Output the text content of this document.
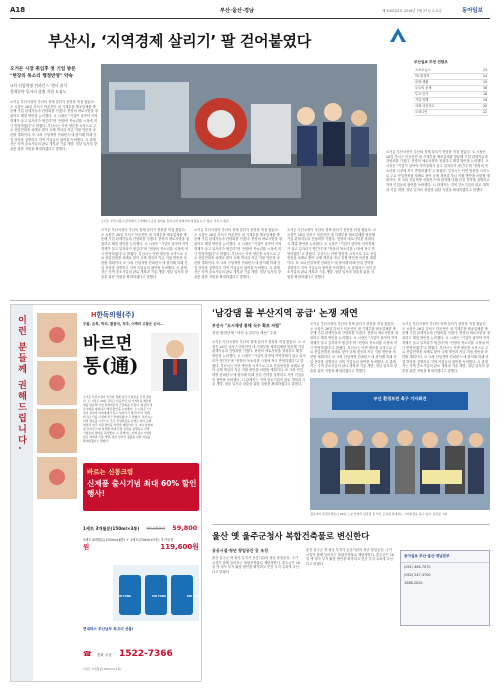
A18	부산·울산·경남	제 100123호 2016년 7월 27일 수요일	동아일보
부산시, ‘지역경제 살리기’ 팔 걷어붙였다
오거돈 시장 취임후 첫 기업 방문
"현장의 목소리 행정반영" 약속
'3차 산업혁명 컨퍼런스' 행사 참석
경제분야 일자리 창출 지원 요청도
오거돈 부산시장(오른쪽에서 두번째)이 공장 설비를 둘러보며 관계자의 설명을 듣고 있다. 부산시 제공
오거돈 부산시장이 부산의 경제 살리기 현장을 직접 찾았다. 오 시장은 26일 강서구 미음산단 내 기계부품 제조업체를 방문해 기업 관계자들과 간담회를 가졌다. 현장의 애로사항을 청취하고 해결 방안을 논의했다. 오 시장은 "기업이 살아야 지역경제가 살고 일자리가 생긴다"며 "현장의 목소리를 시정에 적극 반영하겠다"고 밝혔다. 부산시는 이번 방문을 시작으로 주요 산업현장을 차례로 찾아 규제 개선과 자금 지원 방안을 마련할 계획이다. 또 '3차 산업혁명 컨퍼런스'에 참석해 미래 산업 전략을 설명하고 지역 기업들의 참여를 독려했다. 시 관계자는 지역 중소기업의 판로 개척과 기술 개발, 청년 일자리 창출을 위한 지원을 확대하겠다고 말했다.
오거돈 부산시장이 부산의 경제 살리기 현장을 직접 찾았다. 오 시장은 26일 강서구 미음산단 내 기계부품 제조업체를 방문해 기업 관계자들과 간담회를 가졌다. 현장의 애로사항을 청취하고 해결 방안을 논의했다. 오 시장은 "기업이 살아야 지역경제가 살고 일자리가 생긴다"며 "현장의 목소리를 시정에 적극 반영하겠다"고 밝혔다. 부산시는 이번 방문을 시작으로 주요 산업현장을 차례로 찾아 규제 개선과 자금 지원 방안을 마련할 계획이다. 또 '3차 산업혁명 컨퍼런스'에 참석해 미래 산업 전략을 설명하고 지역 기업들의 참여를 독려했다. 시 관계자는 지역 중소기업의 판로 개척과 기술 개발, 청년 일자리 창출을 위한 지원을 확대하겠다고 말했다.
오거돈 부산시장이 부산의 경제 살리기 현장을 직접 찾았다. 오 시장은 26일 강서구 미음산단 내 기계부품 제조업체를 방문해 기업 관계자들과 간담회를 가졌다. 현장의 애로사항을 청취하고 해결 방안을 논의했다. 오 시장은 "기업이 살아야 지역경제가 살고 일자리가 생긴다"며 "현장의 목소리를 시정에 적극 반영하겠다"고 밝혔다. 부산시는 이번 방문을 시작으로 주요 산업현장을 차례로 찾아 규제 개선과 자금 지원 방안을 마련할 계획이다. 또 '3차 산업혁명 컨퍼런스'에 참석해 미래 산업 전략을 설명하고 지역 기업들의 참여를 독려했다. 시 관계자는 지역 중소기업의 판로 개척과 기술 개발, 청년 일자리 창출을 위한 지원을 확대하겠다고 말했다.
오거돈 부산시장이 부산의 경제 살리기 현장을 직접 찾았다. 오 시장은 26일 강서구 미음산단 내 기계부품 제조업체를 방문해 기업 관계자들과 간담회를 가졌다. 현장의 애로사항을 청취하고 해결 방안을 논의했다. 오 시장은 "기업이 살아야 지역경제가 살고 일자리가 생긴다"며 "현장의 목소리를 시정에 적극 반영하겠다"고 밝혔다. 부산시는 이번 방문을 시작으로 주요 산업현장을 차례로 찾아 규제 개선과 자금 지원 방안을 마련할 계획이다. 또 '3차 산업혁명 컨퍼런스'에 참석해 미래 산업 전략을 설명하고 지역 기업들의 참여를 독려했다. 시 관계자는 지역 중소기업의 판로 개척과 기술 개발, 청년 일자리 창출을 위한 지원을 확대하겠다고 말했다.
부산일보 추천 컨텐츠
스포츠뉴스	13
TV 편성표	14
문화·생활	15
오늘의 운세	16
부고·인사	18
기업·경제	19
사회·사건사고	20
오피니언	22
오거돈 부산시장이 부산의 경제 살리기 현장을 직접 찾았다. 오 시장은 26일 강서구 미음산단 내 기계부품 제조업체를 방문해 기업 관계자들과 간담회를 가졌다. 현장의 애로사항을 청취하고 해결 방안을 논의했다. 오 시장은 "기업이 살아야 지역경제가 살고 일자리가 생긴다"며 "현장의 목소리를 시정에 적극 반영하겠다"고 밝혔다. 부산시는 이번 방문을 시작으로 주요 산업현장을 차례로 찾아 규제 개선과 자금 지원 방안을 마련할 계획이다. 또 '3차 산업혁명 컨퍼런스'에 참석해 미래 산업 전략을 설명하고 지역 기업들의 참여를 독려했다. 시 관계자는 지역 중소기업의 판로 개척과 기술 개발, 청년 일자리 창출을 위한 지원을 확대하겠다고 말했다.
이런 분들께 권해드립니다.	H한독의원(주)
무릎, 손목, 허리, 팔꿈치, 척추, 어깨의 고통은 순식...
바르면
통(通)
오거돈 부산시장이 부산의 경제 살리기 현장을 직접 찾았다. 오 시장은 26일 강서구 미음산단 내 기계부품 제조업체를 방문해 기업 관계자들과 간담회를 가졌다. 현장의 애로사항을 청취하고 해결 방안을 논의했다. 오 시장은 "기업이 살아야 지역경제가 살고 일자리가 생긴다"며 "현장의 목소리를 시정에 적극 반영하겠다"고 밝혔다. 부산시는 이번 방문을 시작으로 주요 산업현장을 차례로 찾아 규제 개선과 자금 지원 방안을 마련할 계획이다. 또 '3차 산업혁명 컨퍼런스'에 참석해 미래 산업 전략을 설명하고 지역 기업들의 참여를 독려했다. 시 관계자는 지역 중소기업의 판로 개척과 기술 개발, 청년 일자리 창출을 위한 지원을 확대하겠다고 말했다.
바르는 신통크림
신제품 출시기념 최대 60% 할인행사!
1세트 3개월분(150ml×3통) 99,000원 59,800원
3세트 6개월분(150ml×6통) + 1세트(150ml×3통) 추가증정
119,600원
SIN TONG	SIN TONG	SIN TONG
연대파스 부산남부 최고의 선물!
☎ 전화 주문 1522-7366
1세트 3개월분(150ml×3통)
'남강댐 물 부산지역 공급' 논쟁 재연
부산시 "도시재생 통해 식수 확보 자립"
경남 환경단체 "하천 수질부터 개선" 주장
오거돈 부산시장이 부산의 경제 살리기 현장을 직접 찾았다. 오 시장은 26일 강서구 미음산단 내 기계부품 제조업체를 방문해 기업 관계자들과 간담회를 가졌다. 현장의 애로사항을 청취하고 해결 방안을 논의했다. 오 시장은 "기업이 살아야 지역경제가 살고 일자리가 생긴다"며 "현장의 목소리를 시정에 적극 반영하겠다"고 밝혔다. 부산시는 이번 방문을 시작으로 주요 산업현장을 차례로 찾아 규제 개선과 자금 지원 방안을 마련할 계획이다. 또 '3차 산업혁명 컨퍼런스'에 참석해 미래 산업 전략을 설명하고 지역 기업들의 참여를 독려했다. 시 관계자는 지역 중소기업의 판로 개척과 기술 개발, 청년 일자리 창출을 위한 지원을 확대하겠다고 말했다.
오거돈 부산시장이 부산의 경제 살리기 현장을 직접 찾았다. 오 시장은 26일 강서구 미음산단 내 기계부품 제조업체를 방문해 기업 관계자들과 간담회를 가졌다. 현장의 애로사항을 청취하고 해결 방안을 논의했다. 오 시장은 "기업이 살아야 지역경제가 살고 일자리가 생긴다"며 "현장의 목소리를 시정에 적극 반영하겠다"고 밝혔다. 부산시는 이번 방문을 시작으로 주요 산업현장을 차례로 찾아 규제 개선과 자금 지원 방안을 마련할 계획이다. 또 '3차 산업혁명 컨퍼런스'에 참석해 미래 산업 전략을 설명하고 지역 기업들의 참여를 독려했다. 시 관계자는 지역 중소기업의 판로 개척과 기술 개발, 청년 일자리 창출을 위한 지원을 확대하겠다고 말했다.
오거돈 부산시장이 부산의 경제 살리기 현장을 직접 찾았다. 오 시장은 26일 강서구 미음산단 내 기계부품 제조업체를 방문해 기업 관계자들과 간담회를 가졌다. 현장의 애로사항을 청취하고 해결 방안을 논의했다. 오 시장은 "기업이 살아야 지역경제가 살고 일자리가 생긴다"며 "현장의 목소리를 시정에 적극 반영하겠다"고 밝혔다. 부산시는 이번 방문을 시작으로 주요 산업현장을 차례로 찾아 규제 개선과 자금 지원 방안을 마련할 계획이다. 또 '3차 산업혁명 컨퍼런스'에 참석해 미래 산업 전략을 설명하고 지역 기업들의 참여를 독려했다. 시 관계자는 지역 중소기업의 판로 개척과 기술 개발, 청년 일자리 창출을 위한 지원을 확대하겠다고 말했다.
부산 환경보전 촉구 기자회견
경남지역 환경단체들이 26일 도청 앞에서 남강댐 물 부산 공급에 반대하는 기자회견을 하고 있다. 김민준 기자
울산 옛 울주군청사 복합건축물로 변신한다
공공시설·청년 창업공간 등 조성
울산 울주군 옛 청사 부지가 공공기관과 청년 창업공간, 주거 시설이 함께 들어서는 복합건축물로 재탄생한다. 울주군은 26일 옛 청사 부지 활용 방안을 확정하고 민간 투자 유치에 나선다고 밝혔다.
울산 울주군 옛 청사 부지가 공공기관과 청년 창업공간, 주거 시설이 함께 들어서는 복합건축물로 재탄생한다. 울주군은 26일 옛 청사 부지 활용 방안을 확정하고 민간 투자 유치에 나선다고 밝혔다.
동아일보 부산·울산·경남본부
(051) 464-7070
(052) 247-3700
1588-2020
